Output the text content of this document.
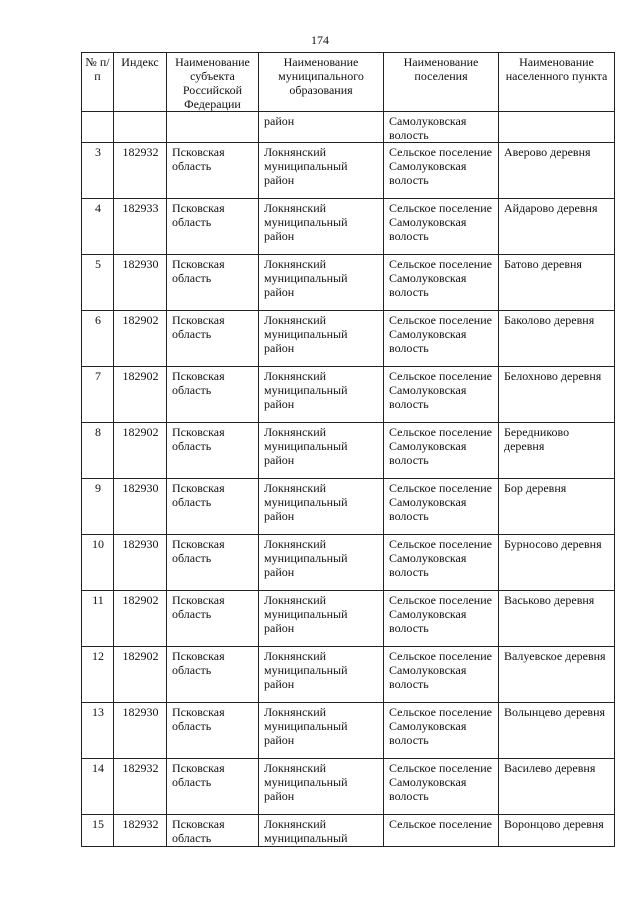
174
№ п/п	Индекс	Наименование субъекта Российской Федерации	Наименование муниципального образования	Наименование поселения	Наименование населенного пункта
			район	Самолуковская волость	
3	182932	Псковская область	Локнянский муниципальный район	Сельское поселение Самолуковская волость	Аверово деревня
4	182933	Псковская область	Локнянский муниципальный район	Сельское поселение Самолуковская волость	Айдарово деревня
5	182930	Псковская область	Локнянский муниципальный район	Сельское поселение Самолуковская волость	Батово деревня
6	182902	Псковская область	Локнянский муниципальный район	Сельское поселение Самолуковская волость	Баколово деревня
7	182902	Псковская область	Локнянский муниципальный район	Сельское поселение Самолуковская волость	Белохново деревня
8	182902	Псковская область	Локнянский муниципальный район	Сельское поселение Самолуковская волость	Бередниково деревня
9	182930	Псковская область	Локнянский муниципальный район	Сельское поселение Самолуковская волость	Бор деревня
10	182930	Псковская область	Локнянский муниципальный район	Сельское поселение Самолуковская волость	Бурносово деревня
11	182902	Псковская область	Локнянский муниципальный район	Сельское поселение Самолуковская волость	Васьково деревня
12	182902	Псковская область	Локнянский муниципальный район	Сельское поселение Самолуковская волость	Валуевское деревня
13	182930	Псковская область	Локнянский муниципальный район	Сельское поселение Самолуковская волость	Волынцево деревня
14	182932	Псковская область	Локнянский муниципальный район	Сельское поселение Самолуковская волость	Василево деревня
15	182932	Псковская область	Локнянский муниципальный	Сельское поселение	Воронцово деревня
